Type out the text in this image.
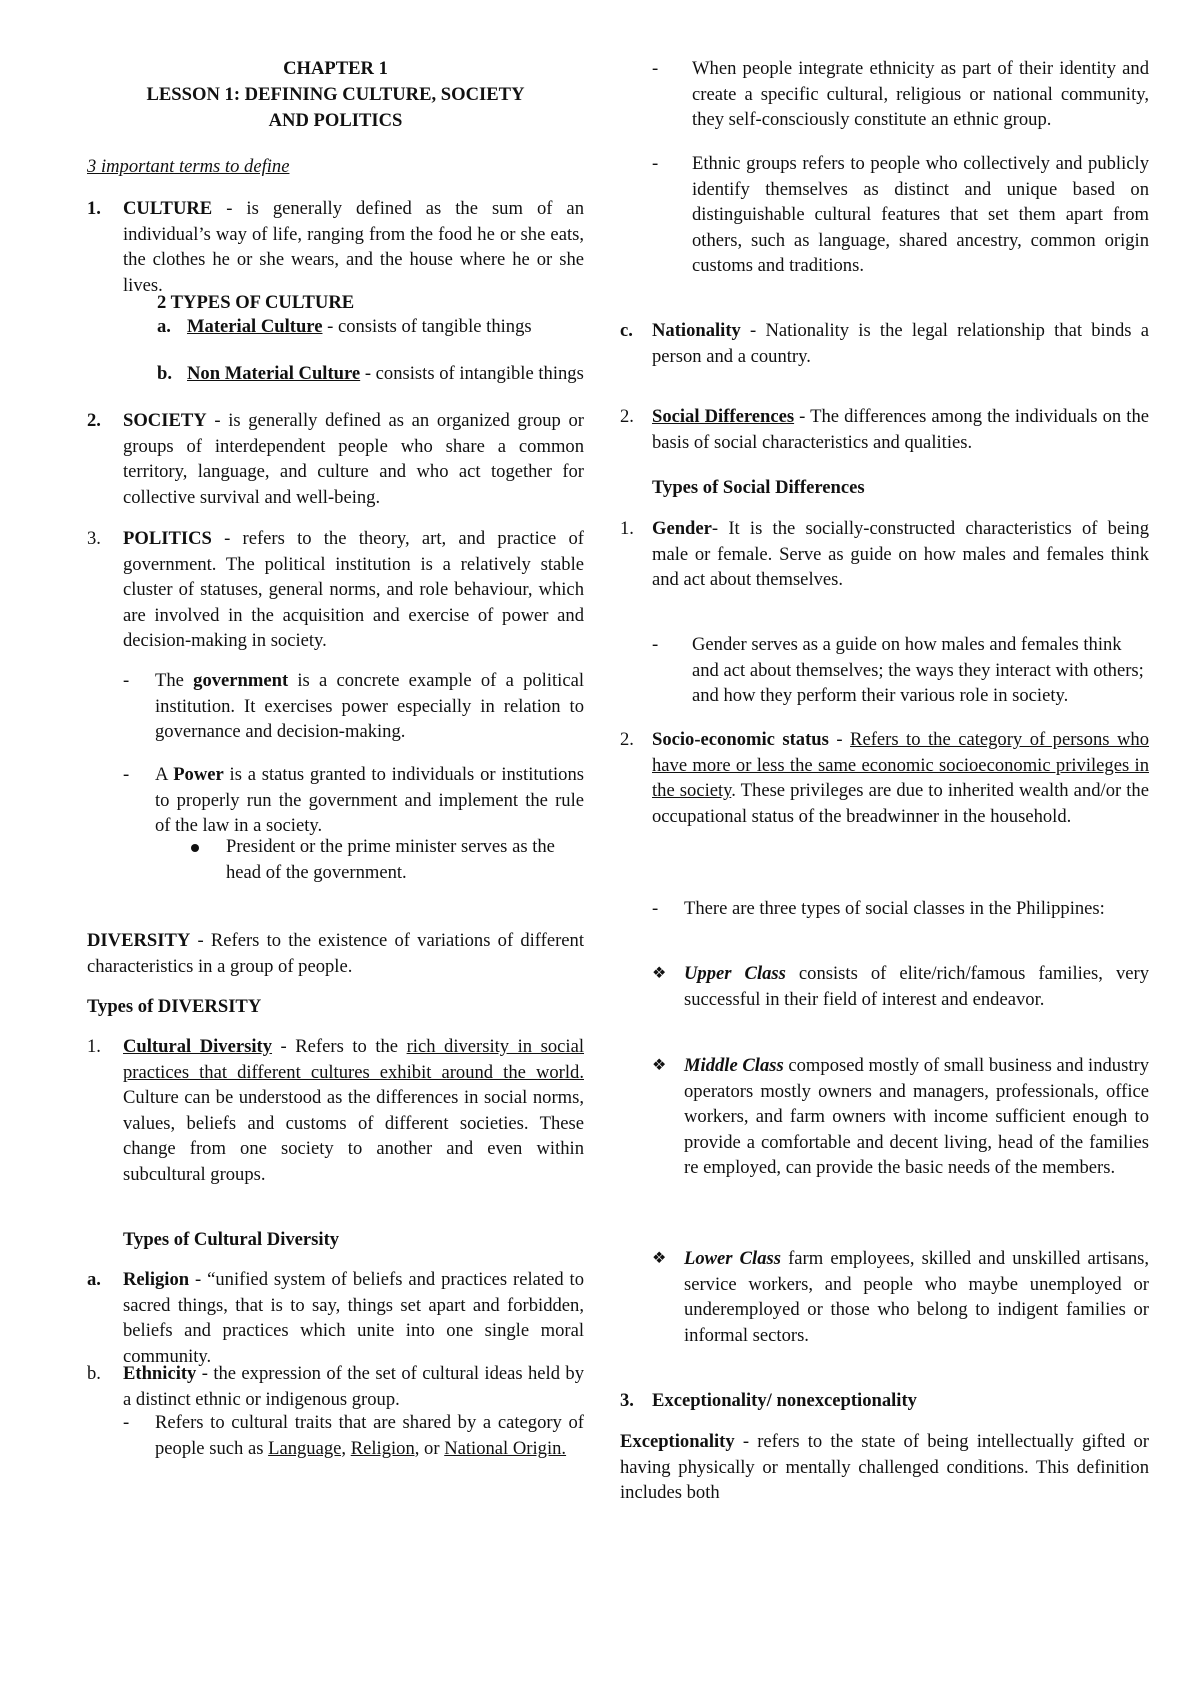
CHAPTER 1
LESSON 1: DEFINING CULTURE, SOCIETY
AND POLITICS
3 important terms to define
1.	CULTURE - is generally defined as the sum of an individual’s way of life, ranging from the food he or she eats, the clothes he or she wears, and the house where he or she lives.
2 TYPES OF CULTURE
a. Material Culture - consists of tangible things
b. Non Material Culture - consists of intangible things
2.	SOCIETY - is generally defined as an organized group or groups of interdependent people who share a common territory, language, and culture and who act together for collective survival and well-being.
3.	POLITICS - refers to the theory, art, and practice of government. The political institution is a relatively stable cluster of statuses, general norms, and role behaviour, which are involved in the acquisition and exercise of power and decision-making in society.
-	The government is a concrete example of a political institution. It exercises power especially in relation to governance and decision-making.
-	A Power is a status granted to individuals or institutions to properly run the government and implement the rule of the law in a society.
President or the prime minister serves as the head of the government.
DIVERSITY - Refers to the existence of variations of different characteristics in a group of people.
Types of DIVERSITY
1.	Cultural Diversity - Refers to the rich diversity in social practices that different cultures exhibit around the world. Culture can be understood as the differences in social norms, values, beliefs and customs of different societies. These change from one society to another and even within subcultural groups.
Types of Cultural Diversity
a.	Religion - “unified system of beliefs and practices related to sacred things, that is to say, things set apart and forbidden, beliefs and practices which unite into one single moral community.
b.	Ethnicity - the expression of the set of cultural ideas held by a distinct ethnic or indigenous group.
-	Refers to cultural traits that are shared by a category of people such as Language, Religion, or National Origin.
-	When people integrate ethnicity as part of their identity and create a specific cultural, religious or national community, they self-consciously constitute an ethnic group.
-	Ethnic groups refers to people who collectively and publicly identify themselves as distinct and unique based on distinguishable cultural features that set them apart from others, such as language, shared ancestry, common origin customs and traditions.
c.	Nationality - Nationality is the legal relationship that binds a person and a country.
2. Social Differences - The differences among the individuals on the basis of social characteristics and qualities.
Types of Social Differences
1. Gender- It is the socially-constructed characteristics of being male or female. Serve as guide on how males and females think and act about themselves.
-	Gender serves as a guide on how males and females think and act about themselves; the ways they interact with others; and how they perform their various role in society.
2. Socio-economic status - Refers to the category of persons who have more or less the same economic socioeconomic privileges in the society. These privileges are due to inherited wealth and/or the occupational status of the breadwinner in the household.
-	There are three types of social classes in the Philippines:
❖ Upper Class consists of elite/rich/famous families, very successful in their field of interest and endeavor.
❖ Middle Class composed mostly of small business and industry operators mostly owners and managers, professionals, office workers, and farm owners with income sufficient enough to provide a comfortable and decent living, head of the families re employed, can provide the basic needs of the members.
❖ Lower Class farm employees, skilled and unskilled artisans, service workers, and people who maybe unemployed or underemployed or those who belong to indigent families or informal sectors.
3. Exceptionality/ nonexceptionality
Exceptionality - refers to the state of being intellectually gifted or having physically or mentally challenged conditions. This definition includes both
